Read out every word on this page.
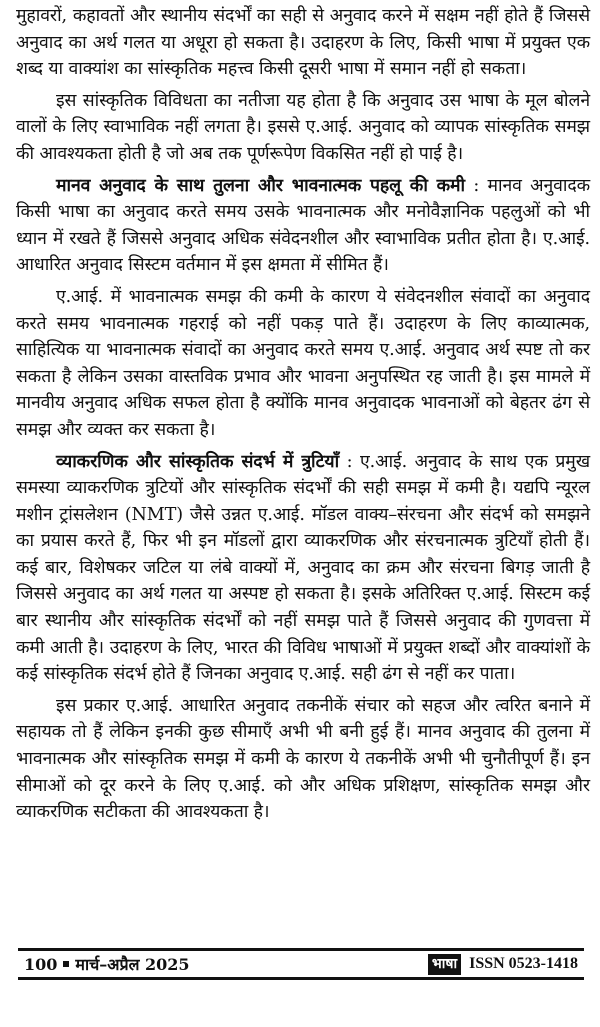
मुहावरों, कहावतों और स्थानीय संदर्भों का सही से अनुवाद करने में सक्षम नहीं होते हैं जिससे अनुवाद का अर्थ गलत या अधूरा हो सकता है। उदाहरण के लिए, किसी भाषा में प्रयुक्त एक शब्द या वाक्यांश का सांस्कृतिक महत्त्व किसी दूसरी भाषा में समान नहीं हो सकता।

इस सांस्कृतिक विविधता का नतीजा यह होता है कि अनुवाद उस भाषा के मूल बोलने वालों के लिए स्वाभाविक नहीं लगता है। इससे ए.आई. अनुवाद को व्यापक सांस्कृतिक समझ की आवश्यकता होती है जो अब तक पूर्णरूपेण विकसित नहीं हो पाई है।

मानव अनुवाद के साथ तुलना और भावनात्मक पहलू की कमी : मानव अनुवादक किसी भाषा का अनुवाद करते समय उसके भावनात्मक और मनोवैज्ञानिक पहलुओं को भी ध्यान में रखते हैं जिससे अनुवाद अधिक संवेदनशील और स्वाभाविक प्रतीत होता है। ए.आई. आधारित अनुवाद सिस्टम वर्तमान में इस क्षमता में सीमित हैं।

ए.आई. में भावनात्मक समझ की कमी के कारण ये संवेदनशील संवादों का अनुवाद करते समय भावनात्मक गहराई को नहीं पकड़ पाते हैं। उदाहरण के लिए काव्यात्मक, साहित्यिक या भावनात्मक संवादों का अनुवाद करते समय ए.आई. अनुवाद अर्थ स्पष्ट तो कर सकता है लेकिन उसका वास्तविक प्रभाव और भावना अनुपस्थित रह जाती है। इस मामले में मानवीय अनुवाद अधिक सफल होता है क्योंकि मानव अनुवादक भावनाओं को बेहतर ढंग से समझ और व्यक्त कर सकता है।

व्याकरणिक और सांस्कृतिक संदर्भ में त्रुटियाँ : ए.आई. अनुवाद के साथ एक प्रमुख समस्या व्याकरणिक त्रुटियों और सांस्कृतिक संदर्भों की सही समझ में कमी है। यद्यपि न्यूरल मशीन ट्रांसलेशन (NMT) जैसे उन्नत ए.आई. मॉडल वाक्य–संरचना और संदर्भ को समझने का प्रयास करते हैं, फिर भी इन मॉडलों द्वारा व्याकरणिक और संरचनात्मक त्रुटियाँ होती हैं। कई बार, विशेषकर जटिल या लंबे वाक्यों में, अनुवाद का क्रम और संरचना बिगड़ जाती है जिससे अनुवाद का अर्थ गलत या अस्पष्ट हो सकता है। इसके अतिरिक्त ए.आई. सिस्टम कई बार स्थानीय और सांस्कृतिक संदर्भों को नहीं समझ पाते हैं जिससे अनुवाद की गुणवत्ता में कमी आती है। उदाहरण के लिए, भारत की विविध भाषाओं में प्रयुक्त शब्दों और वाक्यांशों के कई सांस्कृतिक संदर्भ होते हैं जिनका अनुवाद ए.आई. सही ढंग से नहीं कर पाता।

इस प्रकार ए.आई. आधारित अनुवाद तकनीकें संचार को सहज और त्वरित बनाने में सहायक तो हैं लेकिन इनकी कुछ सीमाएँ अभी भी बनी हुई हैं। मानव अनुवाद की तुलना में भावनात्मक और सांस्कृतिक समझ में कमी के कारण ये तकनीकें अभी भी चुनौतीपूर्ण हैं। इन सीमाओं को दूर करने के लिए ए.आई. को और अधिक प्रशिक्षण, सांस्कृतिक समझ और व्याकरणिक सटीकता की आवश्यकता है।

100 मार्च–अप्रैल 2025	भाषा ISSN 0523-1418
